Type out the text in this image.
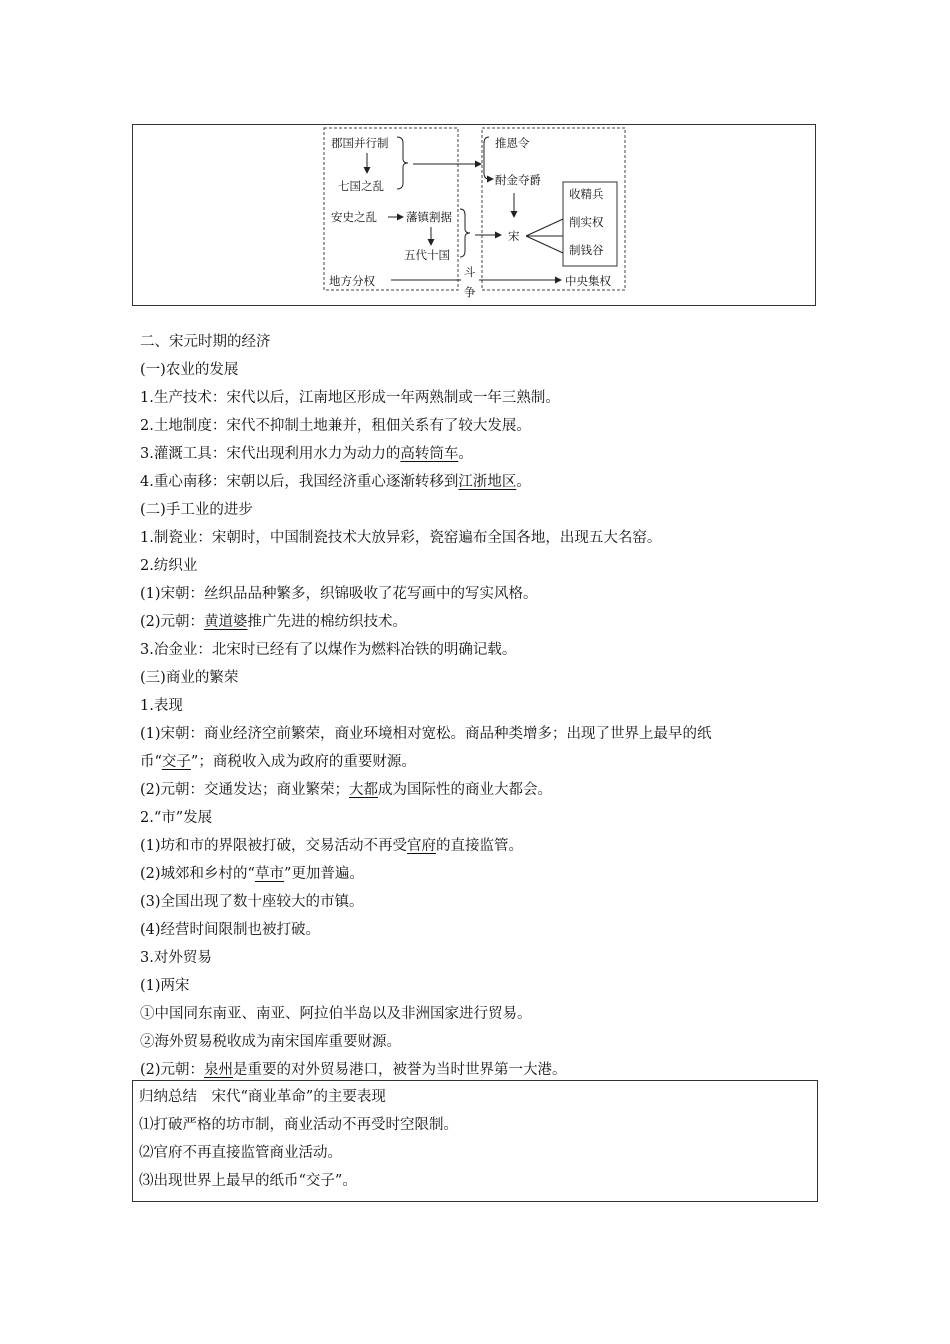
郡国并行制
七国之乱
安史之乱	藩镇割据
五代十国
推恩令
酎金夺爵
宋
收精兵
削实权
制钱谷
地方分权	中央集权
斗
争
二、宋元时期的经济
(一)农业的发展
1.生产技术：宋代以后，江南地区形成一年两熟制或一年三熟制。
2.土地制度：宋代不抑制土地兼并，租佃关系有了较大发展。
3.灌溉工具：宋代出现利用水力为动力的高转筒车。
4.重心南移：宋朝以后，我国经济重心逐渐转移到江浙地区。
(二)手工业的进步
1.制瓷业：宋朝时，中国制瓷技术大放异彩，瓷窑遍布全国各地，出现五大名窑。
2.纺织业
(1)宋朝：丝织品品种繁多，织锦吸收了花写画中的写实风格。
(2)元朝：黄道婆推广先进的棉纺织技术。
3.冶金业：北宋时已经有了以煤作为燃料冶铁的明确记载。
(三)商业的繁荣
1.表现
(1)宋朝：商业经济空前繁荣，商业环境相对宽松。商品种类增多；出现了世界上最早的纸
币“交子”；商税收入成为政府的重要财源。
(2)元朝：交通发达；商业繁荣；大都成为国际性的商业大都会。
2.“市”发展
(1)坊和市的界限被打破，交易活动不再受官府的直接监管。
(2)城郊和乡村的“草市”更加普遍。
(3)全国出现了数十座较大的市镇。
(4)经营时间限制也被打破。
3.对外贸易
(1)两宋
①中国同东南亚、南亚、阿拉伯半岛以及非洲国家进行贸易。
②海外贸易税收成为南宋国库重要财源。
(2)元朝：泉州是重要的对外贸易港口，被誉为当时世界第一大港。
归纳总结　宋代“商业革命”的主要表现
⑴打破严格的坊市制，商业活动不再受时空限制。
⑵官府不再直接监管商业活动。
⑶出现世界上最早的纸币“交子”。
